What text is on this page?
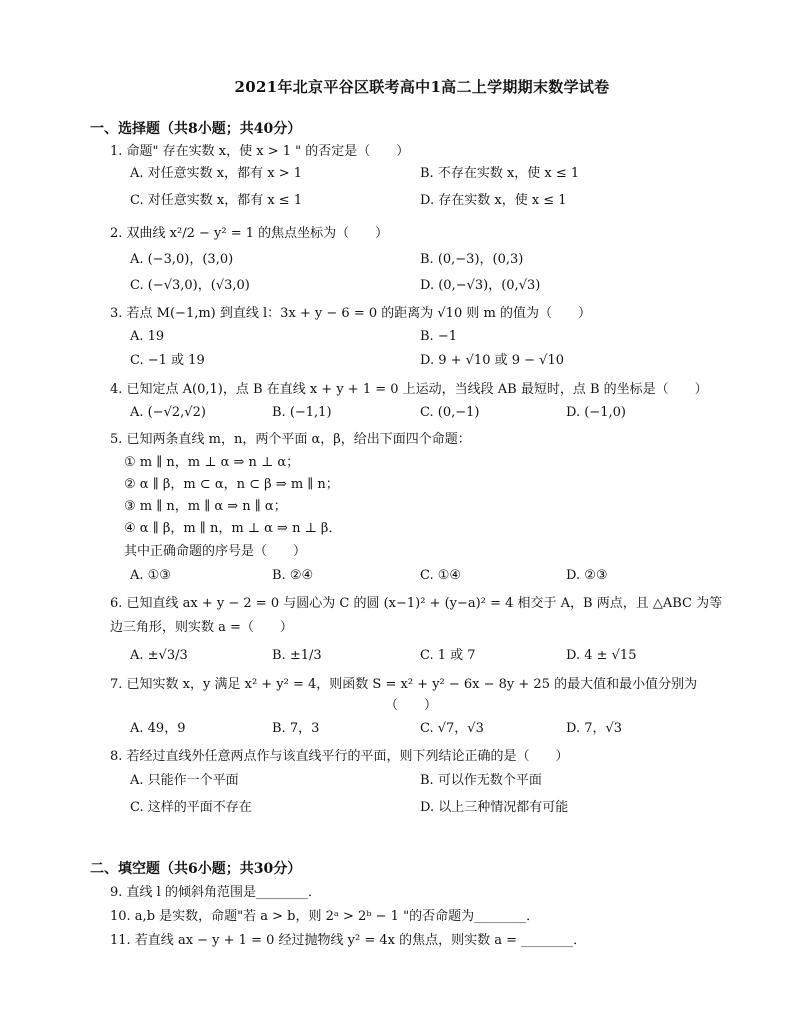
2021年北京平谷区联考高中1高二上学期期末数学试卷
一、选择题（共8小题；共40分）
1. 命题" 存在实数 x，使 x > 1 " 的否定是（　　）
A. 对任意实数 x，都有 x > 1	B. 不存在实数 x，使 x ≤ 1
C. 对任意实数 x，都有 x ≤ 1	D. 存在实数 x，使 x ≤ 1
2. 双曲线 x²/2 − y² = 1 的焦点坐标为（　　）
A. (−3,0)，(3,0)	B. (0,−3)，(0,3)
C. (−√3,0)，(√3,0)	D. (0,−√3)，(0,√3)
3. 若点 M(−1,m) 到直线 l：3x + y − 6 = 0 的距离为 √10 则 m 的值为（　　）
A. 19	B. −1
C. −1 或 19	D. 9 + √10 或 9 − √10
4. 已知定点 A(0,1)，点 B 在直线 x + y + 1 = 0 上运动，当线段 AB 最短时，点 B 的坐标是（　　）
A. (−√2,√2)	B. (−1,1)	C. (0,−1)	D. (−1,0)
5. 已知两条直线 m，n，两个平面 α，β，给出下面四个命题：
① m ∥ n，m ⊥ α ⇒ n ⊥ α；
② α ∥ β，m ⊂ α，n ⊂ β ⇒ m ∥ n；
③ m ∥ n，m ∥ α ⇒ n ∥ α；
④ α ∥ β，m ∥ n，m ⊥ α ⇒ n ⊥ β．
其中正确命题的序号是（　　）
A. ①③	B. ②④	C. ①④	D. ②③
6. 已知直线 ax + y − 2 = 0 与圆心为 C 的圆 (x−1)² + (y−a)² = 4 相交于 A，B 两点，且 △ABC 为等
边三角形，则实数 a =（　　）
A. ±√3/3	B. ±1/3	C. 1 或 7	D. 4 ± √15
7. 已知实数 x，y 满足 x² + y² = 4，则函数 S = x² + y² − 6x − 8y + 25 的最大值和最小值分别为
（　　）
A. 49，9	B. 7，3	C. √7，√3	D. 7，√3
8. 若经过直线外任意两点作与该直线平行的平面，则下列结论正确的是（　　）
A. 只能作一个平面	B. 可以作无数个平面
C. 这样的平面不存在	D. 以上三种情况都有可能
二、填空题（共6小题；共30分）
9. 直线 l 的倾斜角范围是________．
10. a,b 是实数，命题"若 a > b，则 2ᵃ > 2ᵇ − 1 "的否命题为________．
11. 若直线 ax − y + 1 = 0 经过抛物线 y² = 4x 的焦点，则实数 a = ________．
